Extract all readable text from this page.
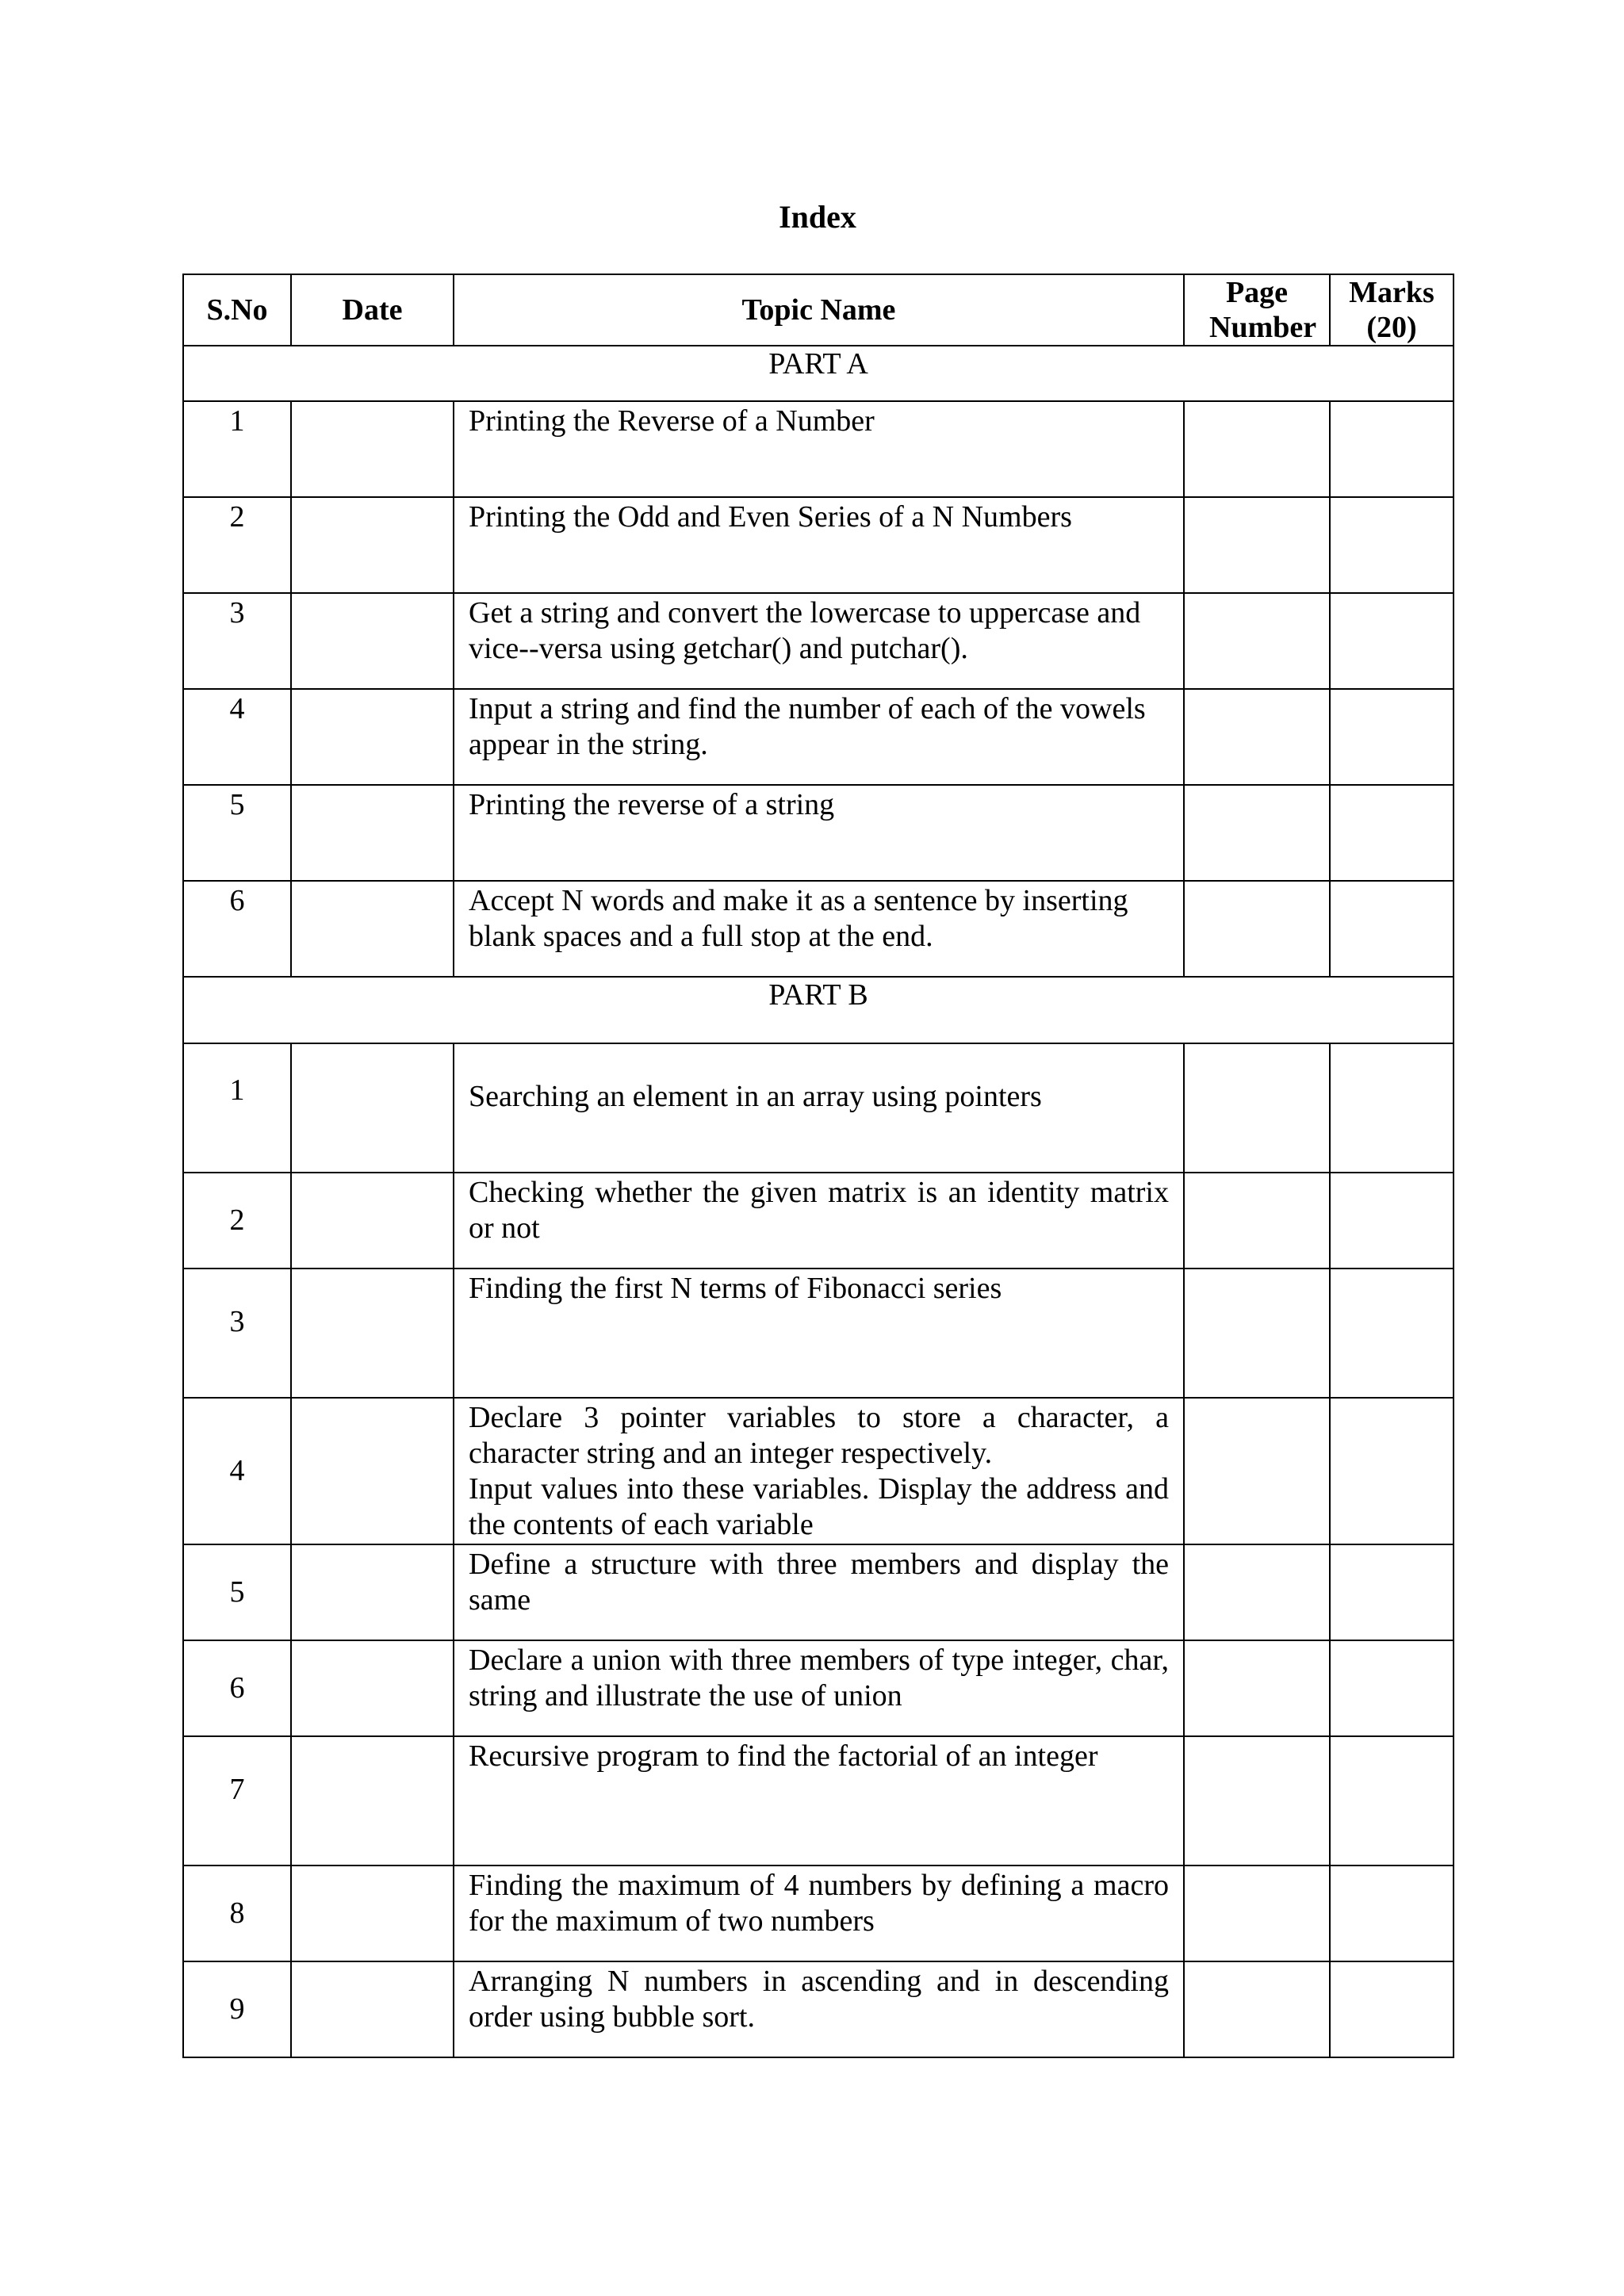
Index
S.No	Date	Topic Name	Page Number	Marks (20)
PART A				
1		Printing the Reverse of a Number		
2		Printing the Odd and Even Series of a N Numbers		
3		Get a string and convert the lowercase to uppercase and vice--versa using getchar() and putchar().		
4		Input a string and find the number of each of the vowels appear in the string.		
5		Printing the reverse of a string		
6		Accept N words and make it as a sentence by inserting blank spaces and a full stop at the end.		
PART B				
1		Searching an element in an array using pointers		
2		Checking whether the given matrix is an identity matrix or not		
3		Finding the first N terms of Fibonacci series		
4		Declare 3 pointer variables to store a character, a character string and an integer respectively.
Input values into these variables. Display the address and the contents of each variable		

5		Define a structure with three members and display the same		
6		Declare a union with three members of type integer, char, string and illustrate the use of union		
7		Recursive program to find the factorial of an integer		
8		Finding the maximum of 4 numbers by defining a macro for the maximum of two numbers		
9		Arranging N numbers in ascending and in descending order using bubble sort.		
